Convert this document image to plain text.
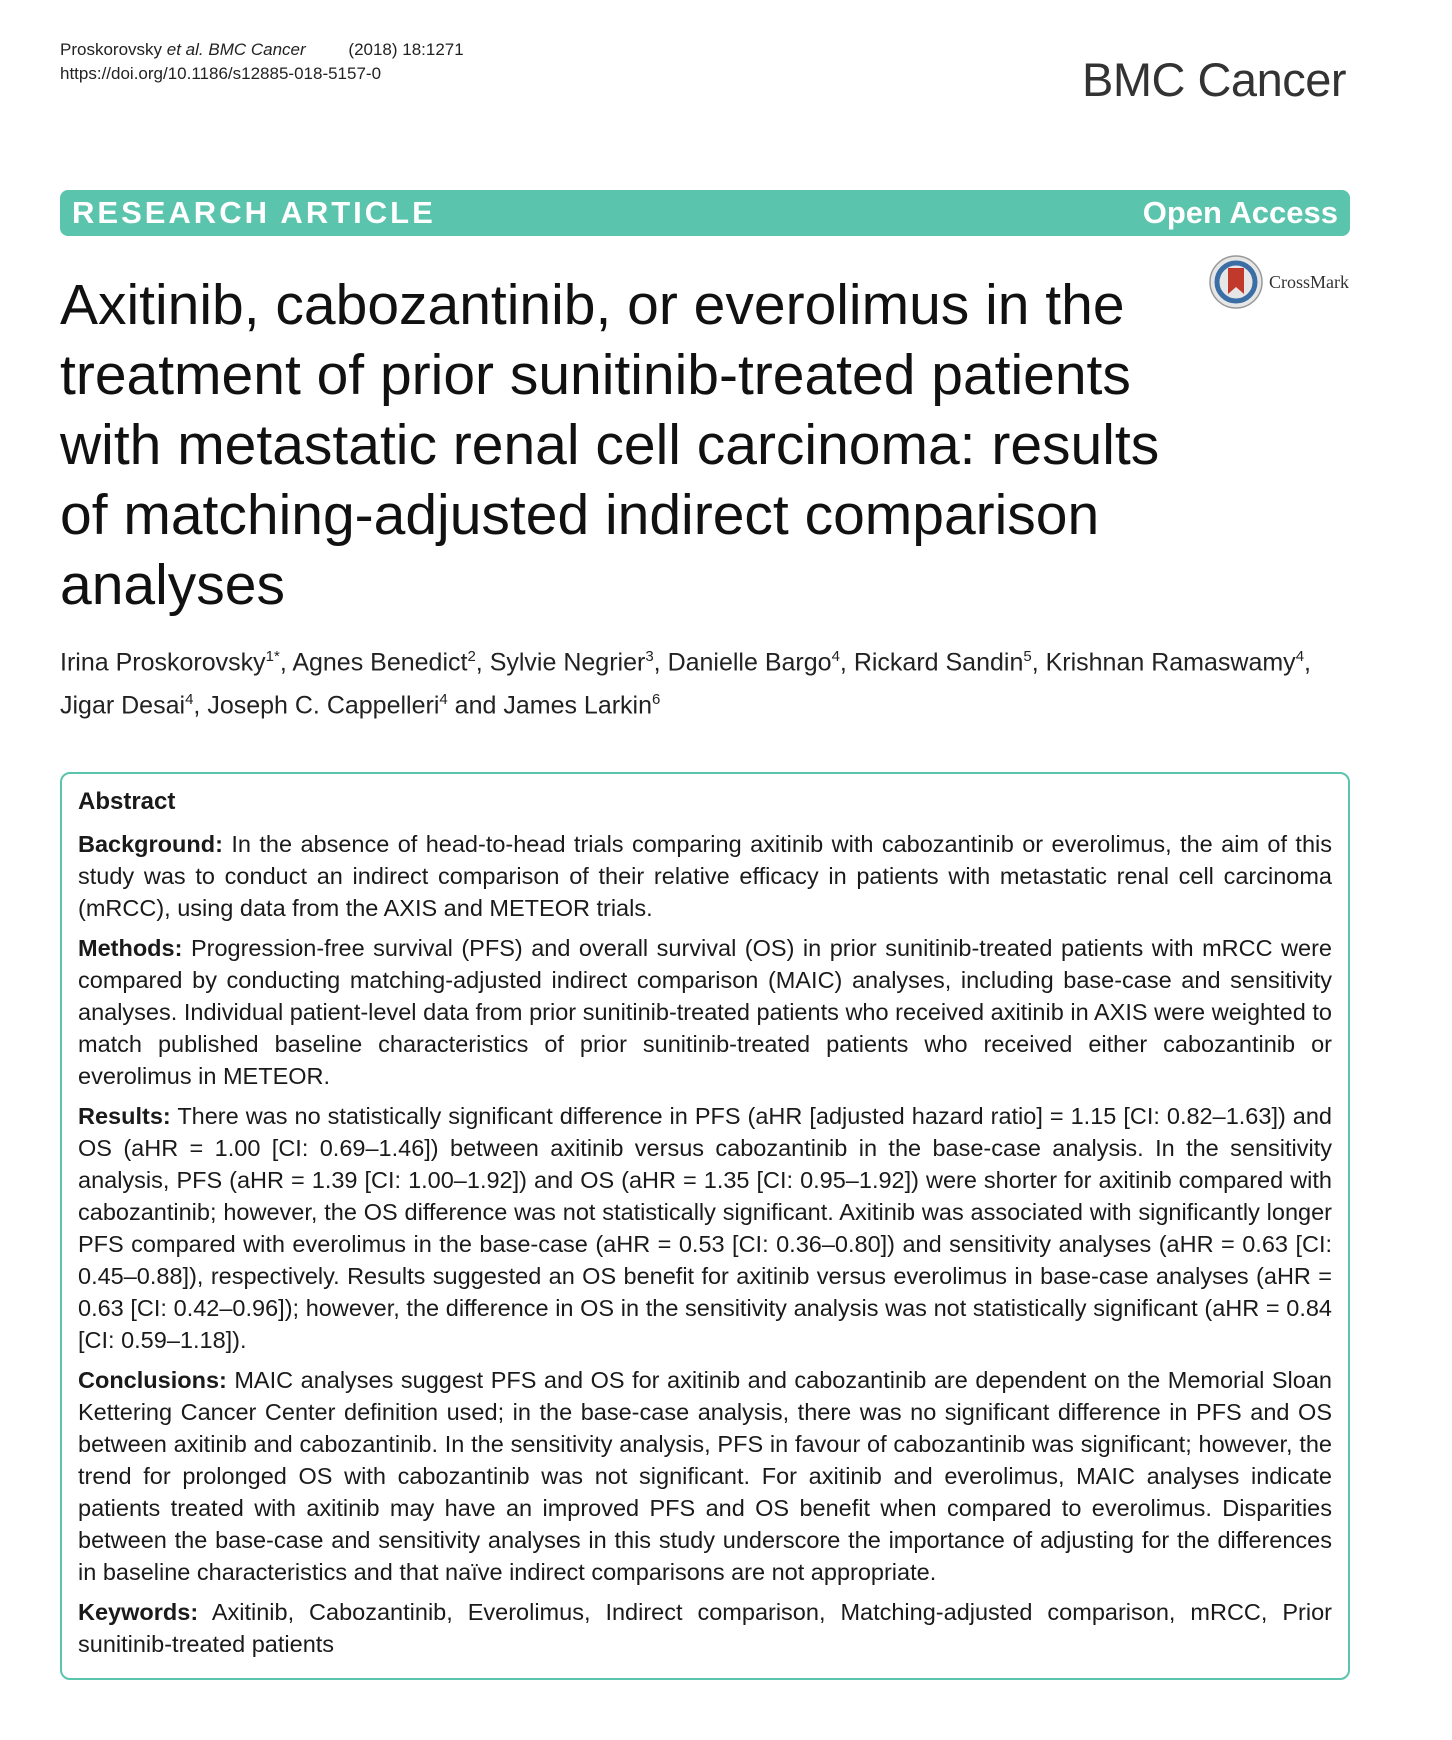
Proskorovsky et al. BMC Cancer	(2018) 18:1271
https://doi.org/10.1186/s12885-018-5157-0	BMC Cancer
RESEARCH ARTICLE	Open Access
CrossMark
Axitinib, cabozantinib, or everolimus in the treatment of prior sunitinib-treated patients with metastatic renal cell carcinoma: results of matching-adjusted indirect comparison analyses
Irina Proskorovsky$^{1*}$, Agnes Benedict$^2$, Sylvie Negrier$^3$, Danielle Bargo$^4$, Rickard Sandin$^5$, Krishnan Ramaswamy$^4$, Jigar Desai$^4$, Joseph C. Cappelleri$^4$ and James Larkin$^6$
Abstract

Background: In the absence of head-to-head trials comparing axitinib with cabozantinib or everolimus, the aim of this study was to conduct an indirect comparison of their relative efficacy in patients with metastatic renal cell carcinoma (mRCC), using data from the AXIS and METEOR trials.

Methods: Progression-free survival (PFS) and overall survival (OS) in prior sunitinib-treated patients with mRCC were compared by conducting matching-adjusted indirect comparison (MAIC) analyses, including base-case and sensitivity analyses. Individual patient-level data from prior sunitinib-treated patients who received axitinib in AXIS were weighted to match published baseline characteristics of prior sunitinib-treated patients who received either cabozantinib or everolimus in METEOR.

Results: There was no statistically significant difference in PFS (aHR [adjusted hazard ratio] = 1.15 [CI: 0.82–1.63]) and OS (aHR = 1.00 [CI: 0.69–1.46]) between axitinib versus cabozantinib in the base-case analysis. In the sensitivity analysis, PFS (aHR = 1.39 [CI: 1.00–1.92]) and OS (aHR = 1.35 [CI: 0.95–1.92]) were shorter for axitinib compared with cabozantinib; however, the OS difference was not statistically significant. Axitinib was associated with significantly longer PFS compared with everolimus in the base-case (aHR = 0.53 [CI: 0.36–0.80]) and sensitivity analyses (aHR = 0.63 [CI: 0.45–0.88]), respectively. Results suggested an OS benefit for axitinib versus everolimus in base-case analyses (aHR = 0.63 [CI: 0.42–0.96]); however, the difference in OS in the sensitivity analysis was not statistically significant (aHR = 0.84 [CI: 0.59–1.18]).

Conclusions: MAIC analyses suggest PFS and OS for axitinib and cabozantinib are dependent on the Memorial Sloan Kettering Cancer Center definition used; in the base-case analysis, there was no significant difference in PFS and OS between axitinib and cabozantinib. In the sensitivity analysis, PFS in favour of cabozantinib was significant; however, the trend for prolonged OS with cabozantinib was not significant. For axitinib and everolimus, MAIC analyses indicate patients treated with axitinib may have an improved PFS and OS benefit when compared to everolimus. Disparities between the base-case and sensitivity analyses in this study underscore the importance of adjusting for the differences in baseline characteristics and that naïve indirect comparisons are not appropriate.

Keywords: Axitinib, Cabozantinib, Everolimus, Indirect comparison, Matching-adjusted comparison, mRCC, Prior sunitinib-treated patients
